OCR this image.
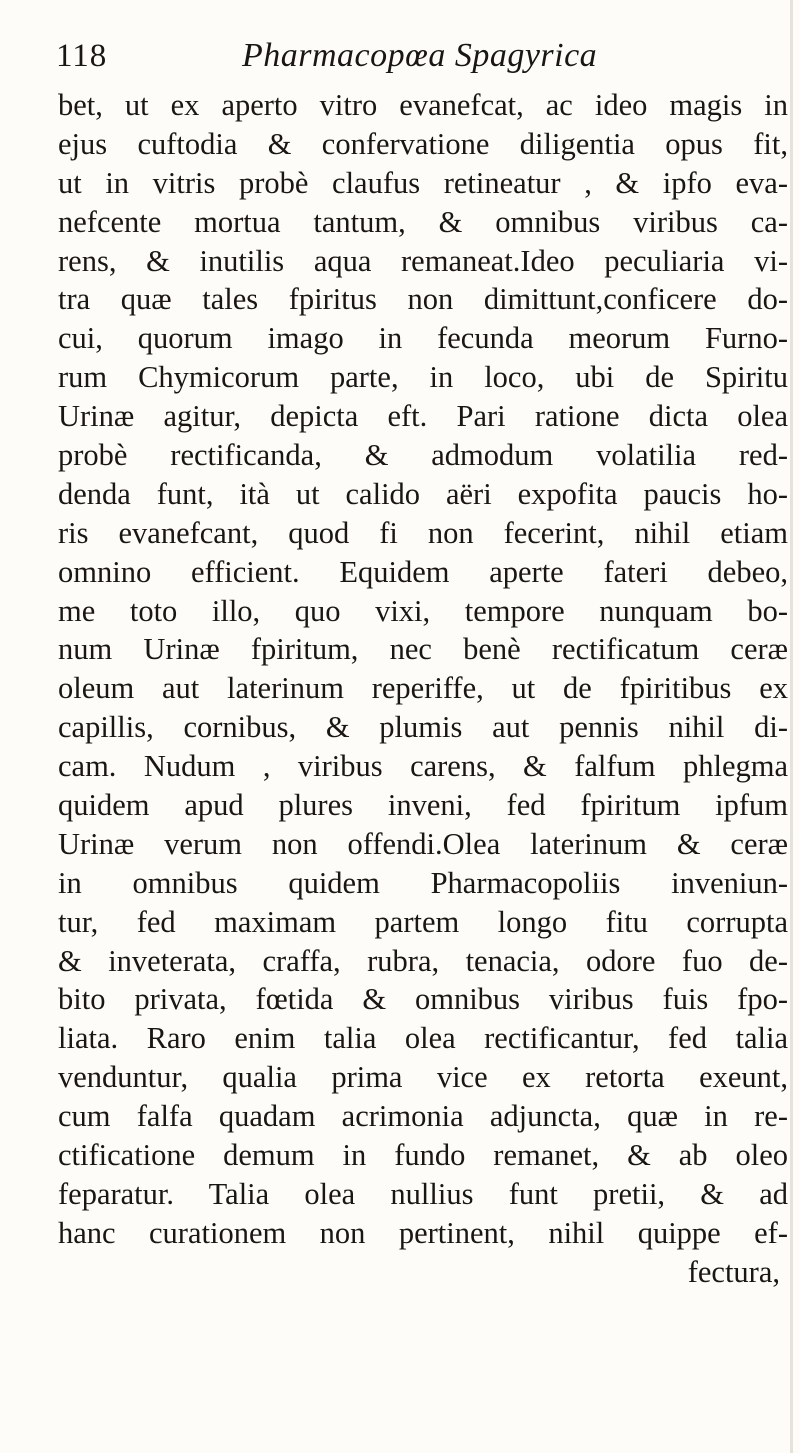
118	Pharmacopœa Spagyrica
bet, ut ex aperto vitro evanefcat, ac ideo magis in
ejus cuftodia & confervatione diligentia opus fit,
ut in vitris probè claufus retineatur , & ipfo eva-
nefcente mortua tantum, & omnibus viribus ca-
rens, & inutilis aqua remaneat.Ideo peculiaria vi-
tra quæ tales fpiritus non dimittunt,conficere do-
cui, quorum imago in fecunda meorum Furno-
rum Chymicorum parte, in loco, ubi de Spiritu
Urinæ agitur, depicta eft. Pari ratione dicta olea
probè rectificanda, & admodum volatilia red-
denda funt, ità ut calido aëri expofita paucis ho-
ris evanefcant, quod fi non fecerint, nihil etiam
omnino efficient. Equidem aperte fateri debeo,
me toto illo, quo vixi, tempore nunquam bo-
num Urinæ fpiritum, nec benè rectificatum ceræ
oleum aut laterinum reperiffe, ut de fpiritibus ex
capillis, cornibus, & plumis aut pennis nihil di-
cam. Nudum , viribus carens, & falfum phlegma
quidem apud plures inveni, fed fpiritum ipfum
Urinæ verum non offendi.Olea laterinum & ceræ
in omnibus quidem Pharmacopoliis inveniun-
tur, fed maximam partem longo fitu corrupta
& inveterata, craffa, rubra, tenacia, odore fuo de-
bito privata, fœtida & omnibus viribus fuis fpo-
liata. Raro enim talia olea rectificantur, fed talia
venduntur, qualia prima vice ex retorta exeunt,
cum falfa quadam acrimonia adjuncta, quæ in re-
ctificatione demum in fundo remanet, & ab oleo
feparatur. Talia olea nullius funt pretii, & ad
hanc curationem non pertinent, nihil quippe ef-
fectura,
